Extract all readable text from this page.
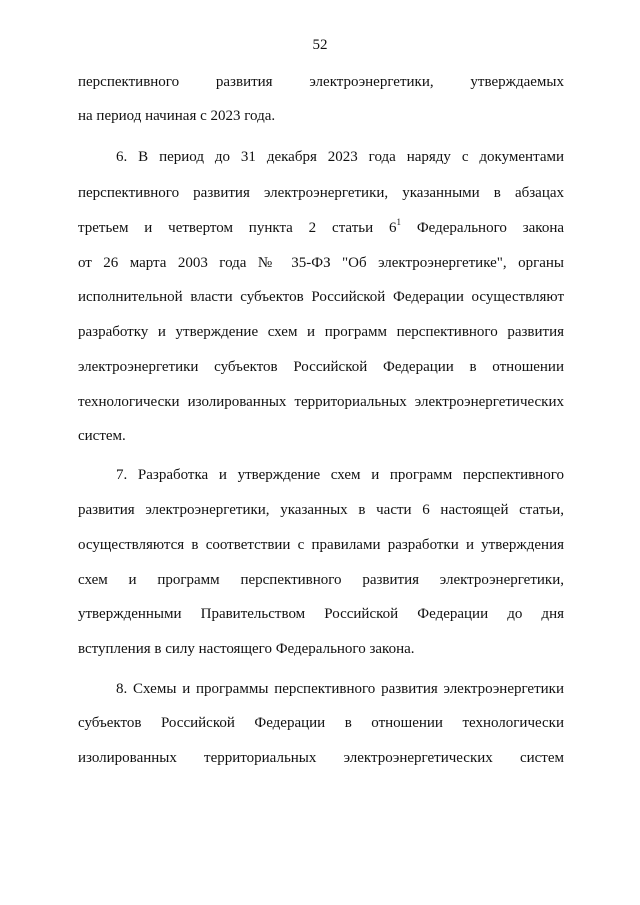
52
перспективного развития электроэнергетики, утверждаемых
на период начиная с 2023 года.
6. В период до 31 декабря 2023 года наряду с документами
перспективного развития электроэнергетики, указанными в абзацах
третьем и четвертом пункта 2 статьи $6^1$ Федерального закона
от 26 марта 2003 года № 35-ФЗ "Об электроэнергетике", органы
исполнительной власти субъектов Российской Федерации осуществляют
разработку и утверждение схем и программ перспективного развития
электроэнергетики субъектов Российской Федерации в отношении
технологически изолированных территориальных электроэнергетических
систем.
7. Разработка и утверждение схем и программ перспективного
развития электроэнергетики, указанных в части 6 настоящей статьи,
осуществляются в соответствии с правилами разработки и утверждения
схем и программ перспективного развития электроэнергетики,
утвержденными Правительством Российской Федерации до дня
вступления в силу настоящего Федерального закона.
8. Схемы и программы перспективного развития электроэнергетики
субъектов Российской Федерации в отношении технологически
изолированных территориальных электроэнергетических систем
